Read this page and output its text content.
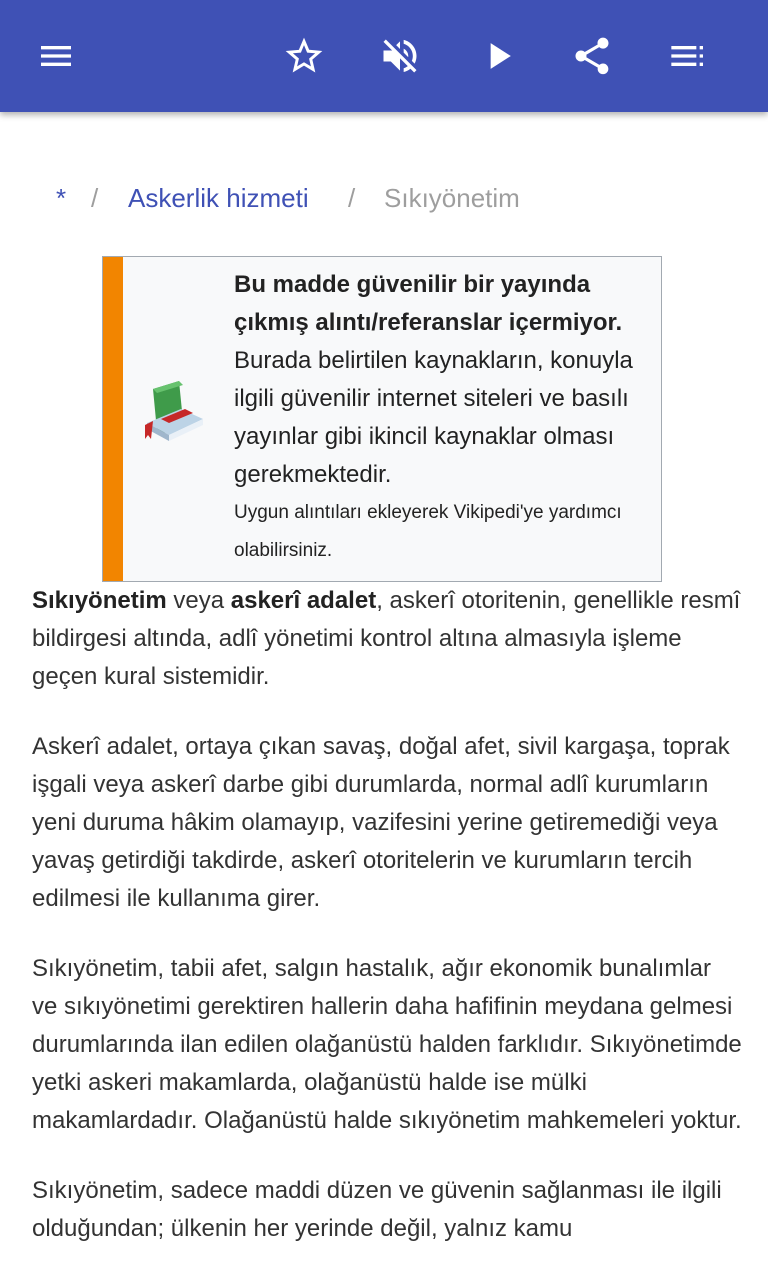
* / Askerlik hizmeti / Sıkıyönetim
Bu madde güvenilir bir yayında çıkmış alıntı/referanslar içermiyor. Burada belirtilen kaynakların, konuyla ilgili güvenilir internet siteleri ve basılı yayınlar gibi ikincil kaynaklar olması gerekmektedir.
Uygun alıntıları ekleyerek Vikipedi'ye yardımcı olabilirsiniz.

Sıkıyönetim veya askerî adalet, askerî otoritenin, genellikle resmî bildirgesi altında, adlî yönetimi kontrol altına almasıyla işleme geçen kural sistemidir.

Askerî adalet, ortaya çıkan savaş, doğal afet, sivil kargaşa, toprak işgali veya askerî darbe gibi durumlarda, normal adlî kurumların yeni duruma hâkim olamayıp, vazifesini yerine getiremediği veya yavaş getirdiği takdirde, askerî otoritelerin ve kurumların tercih edilmesi ile kullanıma girer.

Sıkıyönetim, tabii afet, salgın hastalık, ağır ekonomik bunalımlar ve sıkıyönetimi gerektiren hallerin daha hafifinin meydana gelmesi durumlarında ilan edilen olağanüstü halden farklıdır. Sıkıyönetimde yetki askeri makamlarda, olağanüstü halde ise mülki makamlardadır. Olağanüstü halde sıkıyönetim mahkemeleri yoktur.

Sıkıyönetim, sadece maddi düzen ve güvenin sağlanması ile ilgili olduğundan; ülkenin her yerinde değil, yalnız kamu
